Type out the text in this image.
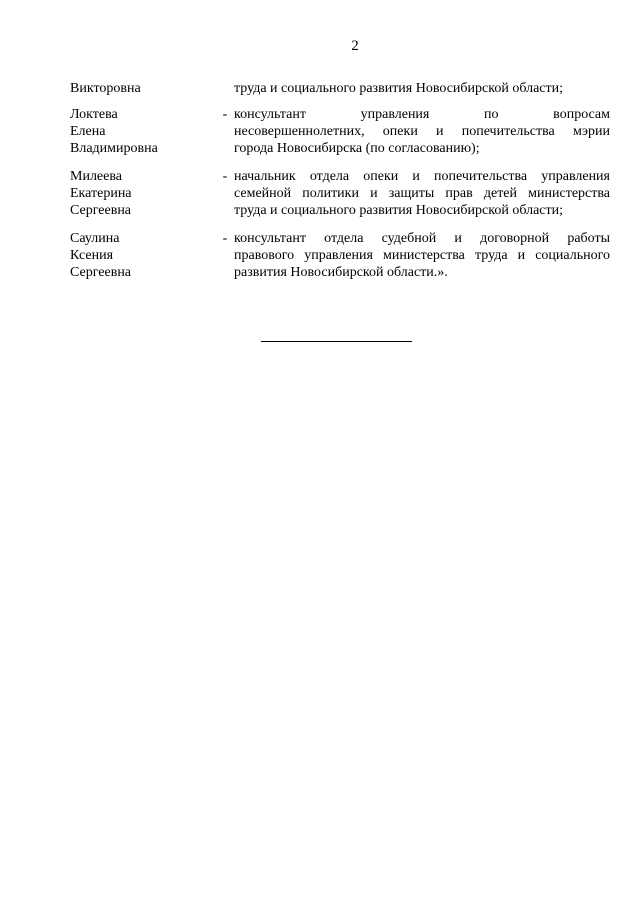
2
Викторовна	труда и социального развития Новосибирской области;
Локтева
Елена
Владимировна
- консультант управления по вопросам
несовершеннолетних, опеки и попечительства мэрии
города Новосибирска (по согласованию);
Милеева
Екатерина
Сергеевна
- начальник отдела опеки и попечительства управления
семейной политики и защиты прав детей министерства
труда и социального развития Новосибирской области;
Саулина
Ксения
Сергеевна
- консультант отдела судебной и договорной работы
правового управления министерства труда и социального
развития Новосибирской области.».
